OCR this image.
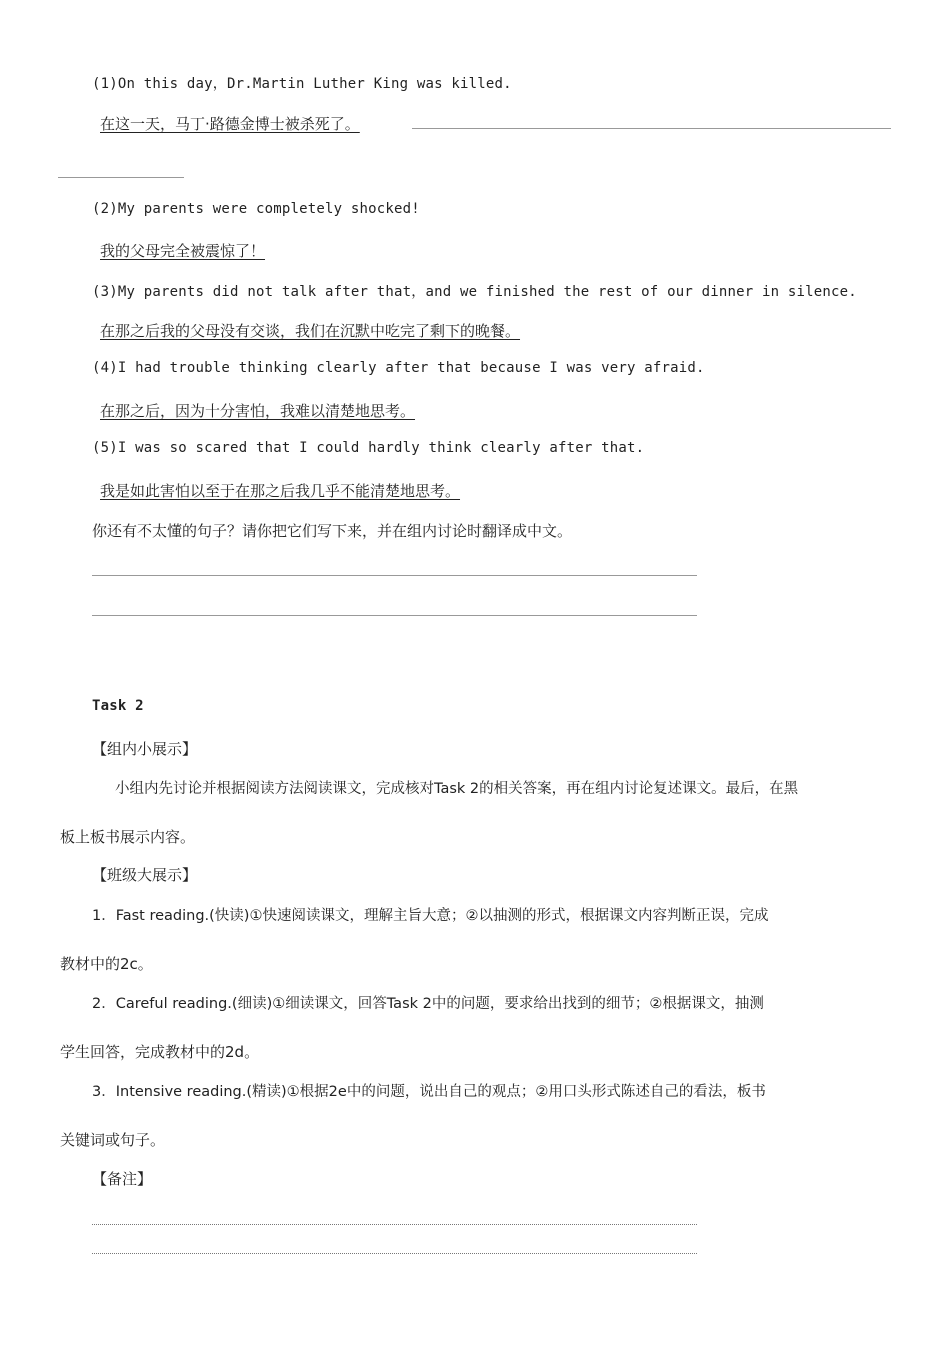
(1)On this day，Dr.Martin Luther King was killed.
在这一天，马丁·路德金博士被杀死了。
(2)My parents were completely shocked!
我的父母完全被震惊了！
(3)My parents did not talk after that，and we finished the rest of our dinner in silence.
在那之后我的父母没有交谈，我们在沉默中吃完了剩下的晚餐。
(4)I had trouble thinking clearly after that because I was very afraid.
在那之后，因为十分害怕，我难以清楚地思考。
(5)I was so scared that I could hardly think clearly after that.
我是如此害怕以至于在那之后我几乎不能清楚地思考。
你还有不太懂的句子？请你把它们写下来，并在组内讨论时翻译成中文。
Task 2
【组内小展示】
小组内先讨论并根据阅读方法阅读课文，完成核对Task 2的相关答案，再在组内讨论复述课文。最后，在黑
板上板书展示内容。
【班级大展示】
1．Fast reading.(快读)①快速阅读课文，理解主旨大意；②以抽测的形式，根据课文内容判断正误，完成
教材中的2c。
2．Careful reading.(细读)①细读课文，回答Task 2中的问题，要求给出找到的细节；②根据课文，抽测
学生回答，完成教材中的2d。
3．Intensive reading.(精读)①根据2e中的问题，说出自己的观点；②用口头形式陈述自己的看法，板书
关键词或句子。
【备注】
